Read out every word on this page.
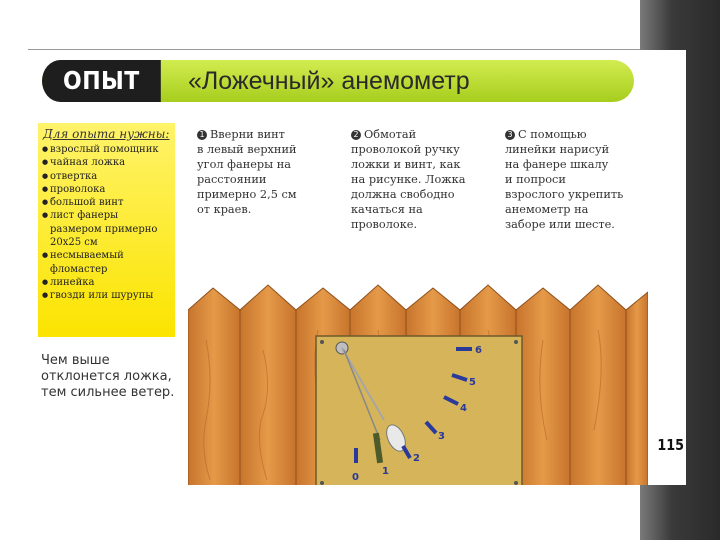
ОПЫТ	«Ложечный» анемометр
Для опыта нужны:
● взрослый помощник
● чайная ложка
● отвертка
● проволока
● большой винт
● лист фанеры размером примерно 20x25 см
● несмываемый фломастер
● линейка
● гвозди или шурупы
Чем выше отклонется ложка, тем сильнее ветер.
1 Вверни винт
в левый верхний
угол фанеры на
расстоянии
примерно 2,5 см
от краев.
2 Обмотай
проволокой ручку
ложки и винт, как
на рисунке. Ложка
должна свободно
качаться на
проволоке.
3 С помощью
линейки нарисуй
на фанере шкалу
и попроси
взрослого укрепить
анемометр на
заборе или шесте.
0
1
2
3
4
5
6
115
